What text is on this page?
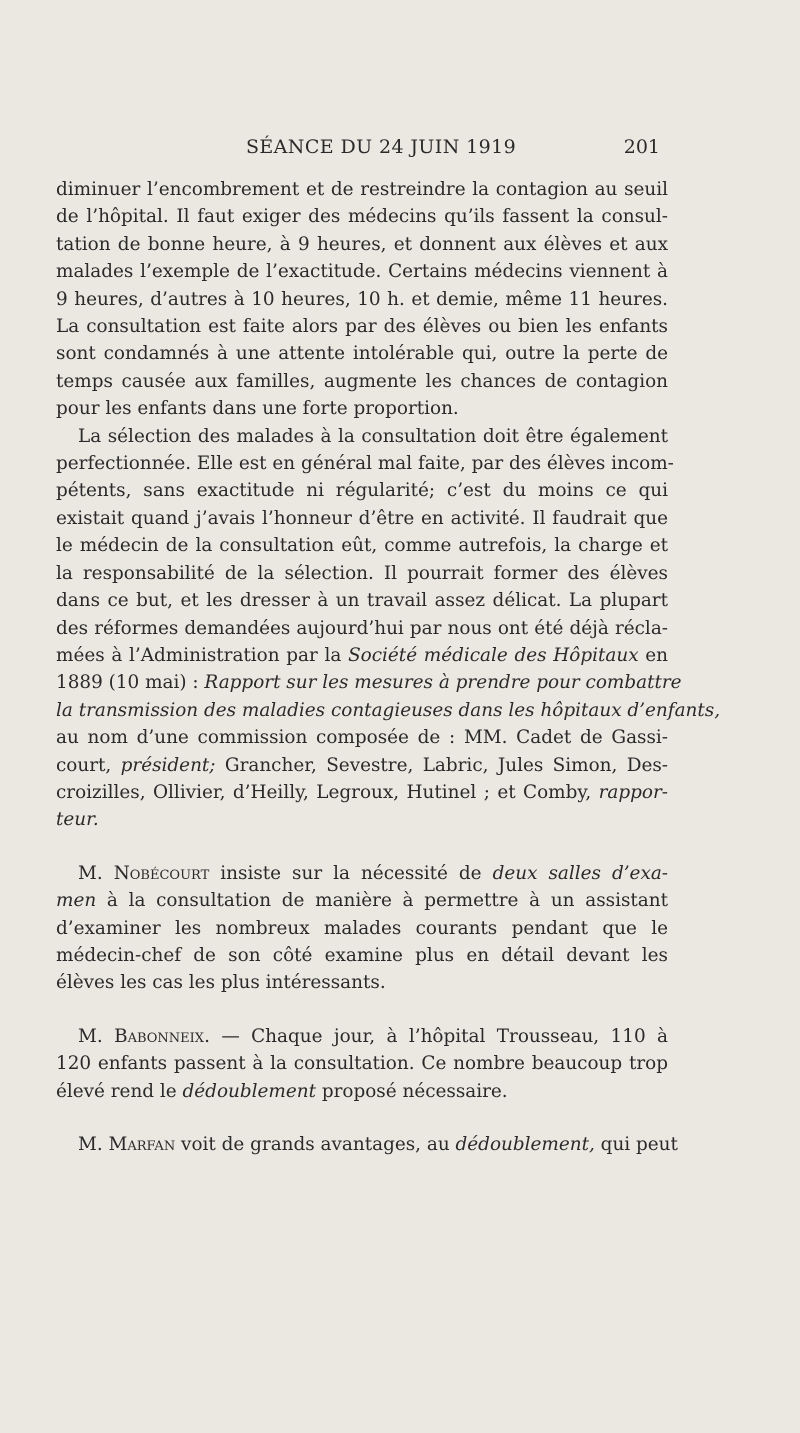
SÉANCE DU 24 JUIN 1919	201
diminuer l’encombrement et de restreindre la contagion au seuil
de l’hôpital. Il faut exiger des médecins qu’ils fassent la consul-
tation de bonne heure, à 9 heures, et donnent aux élèves et aux
malades l’exemple de l’exactitude. Certains médecins viennent à
9 heures, d’autres à 10 heures, 10 h. et demie, même 11 heures.
La consultation est faite alors par des élèves ou bien les enfants
sont condamnés à une attente intolérable qui, outre la perte de
temps causée aux familles, augmente les chances de contagion
pour les enfants dans une forte proportion.
La sélection des malades à la consultation doit être également
perfectionnée. Elle est en général mal faite, par des élèves incom-
pétents, sans exactitude ni régularité; c’est du moins ce qui
existait quand j’avais l’honneur d’être en activité. Il faudrait que
le médecin de la consultation eût, comme autrefois, la charge et
la responsabilité de la sélection. Il pourrait former des élèves
dans ce but, et les dresser à un travail assez délicat. La plupart
des réformes demandées aujourd’hui par nous ont été déjà récla-
mées à l’Administration par la Société médicale des Hôpitaux en
1889 (10 mai) : Rapport sur les mesures à prendre pour combattre
la transmission des maladies contagieuses dans les hôpitaux d’enfants,
au nom d’une commission composée de : MM. Cadet de Gassi-
court, président; Grancher, Sevestre, Labric, Jules Simon, Des-
croizilles, Ollivier, d’Heilly, Legroux, Hutinel ; et Comby, rappor-
teur.
M. Nobécourt insiste sur la nécessité de deux salles d’exa-
men à la consultation de manière à permettre à un assistant
d’examiner les nombreux malades courants pendant que le
médecin-chef de son côté examine plus en détail devant les
élèves les cas les plus intéressants.
M. Babonneix. — Chaque jour, à l’hôpital Trousseau, 110 à
120 enfants passent à la consultation. Ce nombre beaucoup trop
élevé rend le dédoublement proposé nécessaire.
M. Marfan voit de grands avantages, au dédoublement, qui peut
